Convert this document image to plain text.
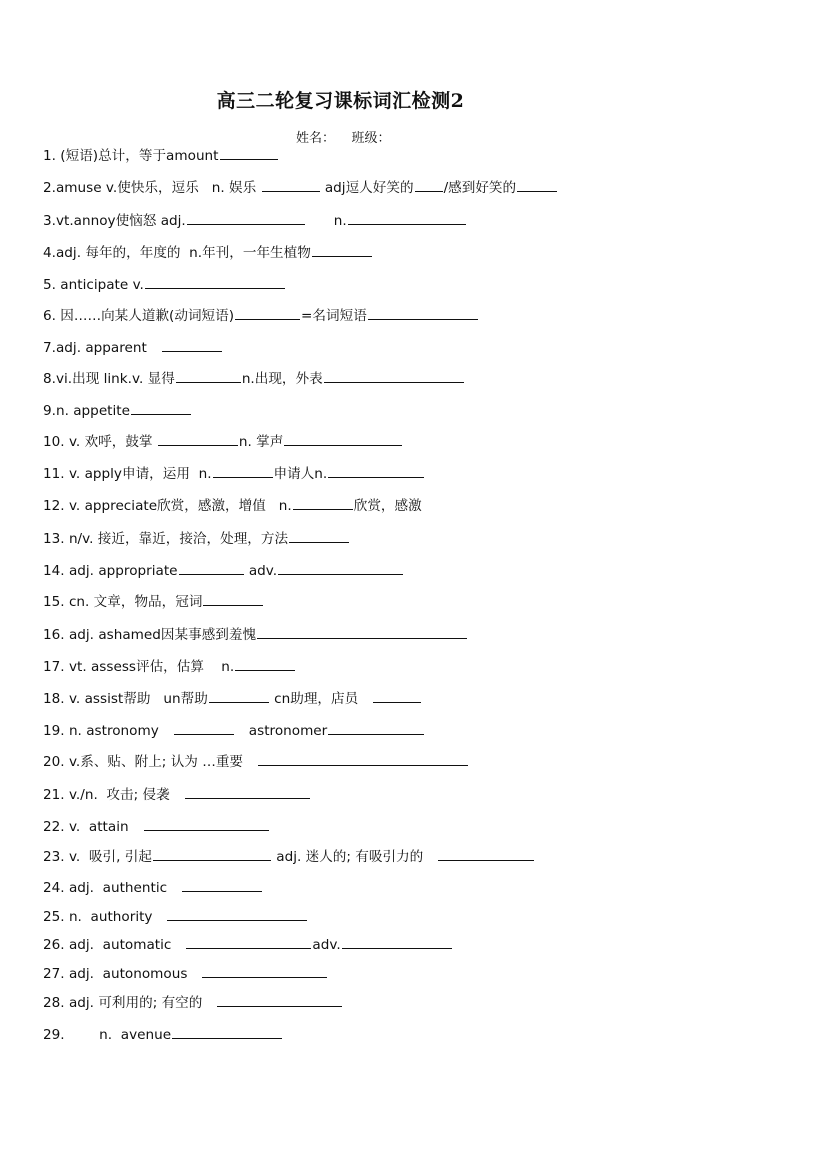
高三二轮复习课标词汇检测2
姓名：    班级：
1. (短语)总计，等于amount
2.amuse v.使快乐，逗乐   n. 娱乐	adj逗人好笑的 /感到好笑的
3.vt.annoy使恼怒 adj.	n.
4.adj. 每年的，年度的  n.年刊，一年生植物
5. anticipate v.
6. 因……向某人道歉(动词短语)	=名词短语
7.adj. apparent
8.vi.出现 link.v. 显得	n.出现，外表
9.n. appetite
10. v. 欢呼，鼓掌	n. 掌声
11. v. apply申请，运用  n.	申请人n.
12. v. appreciate欣赏，感激，增值   n.	欣赏，感激
13. n/v. 接近，靠近，接洽，处理，方法
14. adj. appropriate	adv.
15. cn. 文章，物品，冠词
16. adj. ashamed因某事感到羞愧
17. vt. assess评估，估算    n.
18. v. assist帮助   un帮助	cn助理，店员
19. n. astronomy	astronomer
20. v.系、贴、附上; 认为 …重要
21. v./n.  攻击; 侵袭
22. v.  attain
23. v.  吸引, 引起	adj. 迷人的; 有吸引力的
24. adj.  authentic
25. n.  authority
26. adj.  automatic	adv.
27. adj.  autonomous
28. adj. 可利用的; 有空的
29.        n.  avenue
